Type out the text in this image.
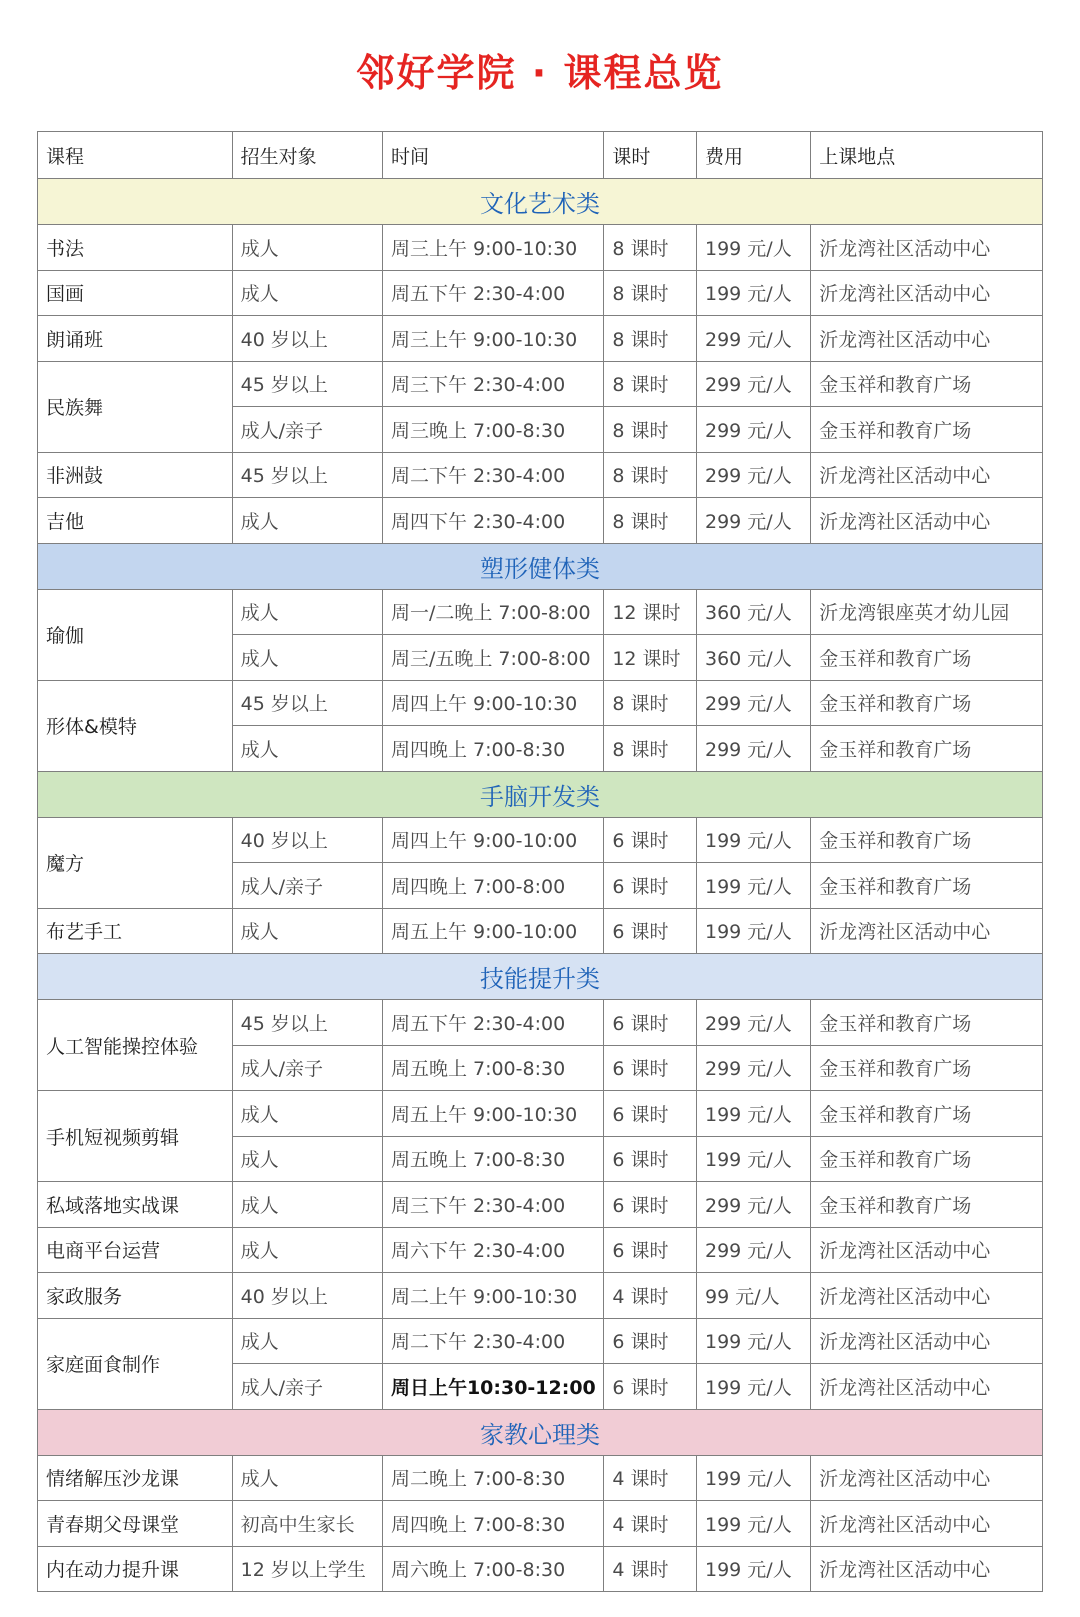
邻好学院 · 课程总览
课程	招生对象	时间	课时	费用	上课地点
文化艺术类					
书法	成人	周三上午 9:00-10:30	8 课时	199 元/人	沂龙湾社区活动中心
国画	成人	周五下午 2:30-4:00	8 课时	199 元/人	沂龙湾社区活动中心
朗诵班	40 岁以上	周三上午 9:00-10:30	8 课时	299 元/人	沂龙湾社区活动中心
民族舞	45 岁以上	周三下午 2:30-4:00	8 课时	299 元/人	金玉祥和教育广场
	成人/亲子	周三晚上 7:00-8:30	8 课时	299 元/人	金玉祥和教育广场
非洲鼓	45 岁以上	周二下午 2:30-4:00	8 课时	299 元/人	沂龙湾社区活动中心
吉他	成人	周四下午 2:30-4:00	8 课时	299 元/人	沂龙湾社区活动中心
塑形健体类					
瑜伽	成人	周一/二晚上 7:00-8:00	12 课时	360 元/人	沂龙湾银座英才幼儿园
	成人	周三/五晚上 7:00-8:00	12 课时	360 元/人	金玉祥和教育广场
形体&模特	45 岁以上	周四上午 9:00-10:30	8 课时	299 元/人	金玉祥和教育广场
	成人	周四晚上 7:00-8:30	8 课时	299 元/人	金玉祥和教育广场
手脑开发类					
魔方	40 岁以上	周四上午 9:00-10:00	6 课时	199 元/人	金玉祥和教育广场
	成人/亲子	周四晚上 7:00-8:00	6 课时	199 元/人	金玉祥和教育广场
布艺手工	成人	周五上午 9:00-10:00	6 课时	199 元/人	沂龙湾社区活动中心
技能提升类					
人工智能操控体验	45 岁以上	周五下午 2:30-4:00	6 课时	299 元/人	金玉祥和教育广场
	成人/亲子	周五晚上 7:00-8:30	6 课时	299 元/人	金玉祥和教育广场
手机短视频剪辑	成人	周五上午 9:00-10:30	6 课时	199 元/人	金玉祥和教育广场
	成人	周五晚上 7:00-8:30	6 课时	199 元/人	金玉祥和教育广场
私域落地实战课	成人	周三下午 2:30-4:00	6 课时	299 元/人	金玉祥和教育广场
电商平台运营	成人	周六下午 2:30-4:00	6 课时	299 元/人	沂龙湾社区活动中心
家政服务	40 岁以上	周二上午 9:00-10:30	4 课时	99 元/人	沂龙湾社区活动中心
家庭面食制作	成人	周二下午 2:30-4:00	6 课时	199 元/人	沂龙湾社区活动中心
	成人/亲子	周日上午10:30-12:00	6 课时	199 元/人	沂龙湾社区活动中心
家教心理类					
情绪解压沙龙课	成人	周二晚上 7:00-8:30	4 课时	199 元/人	沂龙湾社区活动中心
青春期父母课堂	初高中生家长	周四晚上 7:00-8:30	4 课时	199 元/人	沂龙湾社区活动中心
内在动力提升课	12 岁以上学生	周六晚上 7:00-8:30	4 课时	199 元/人	沂龙湾社区活动中心
